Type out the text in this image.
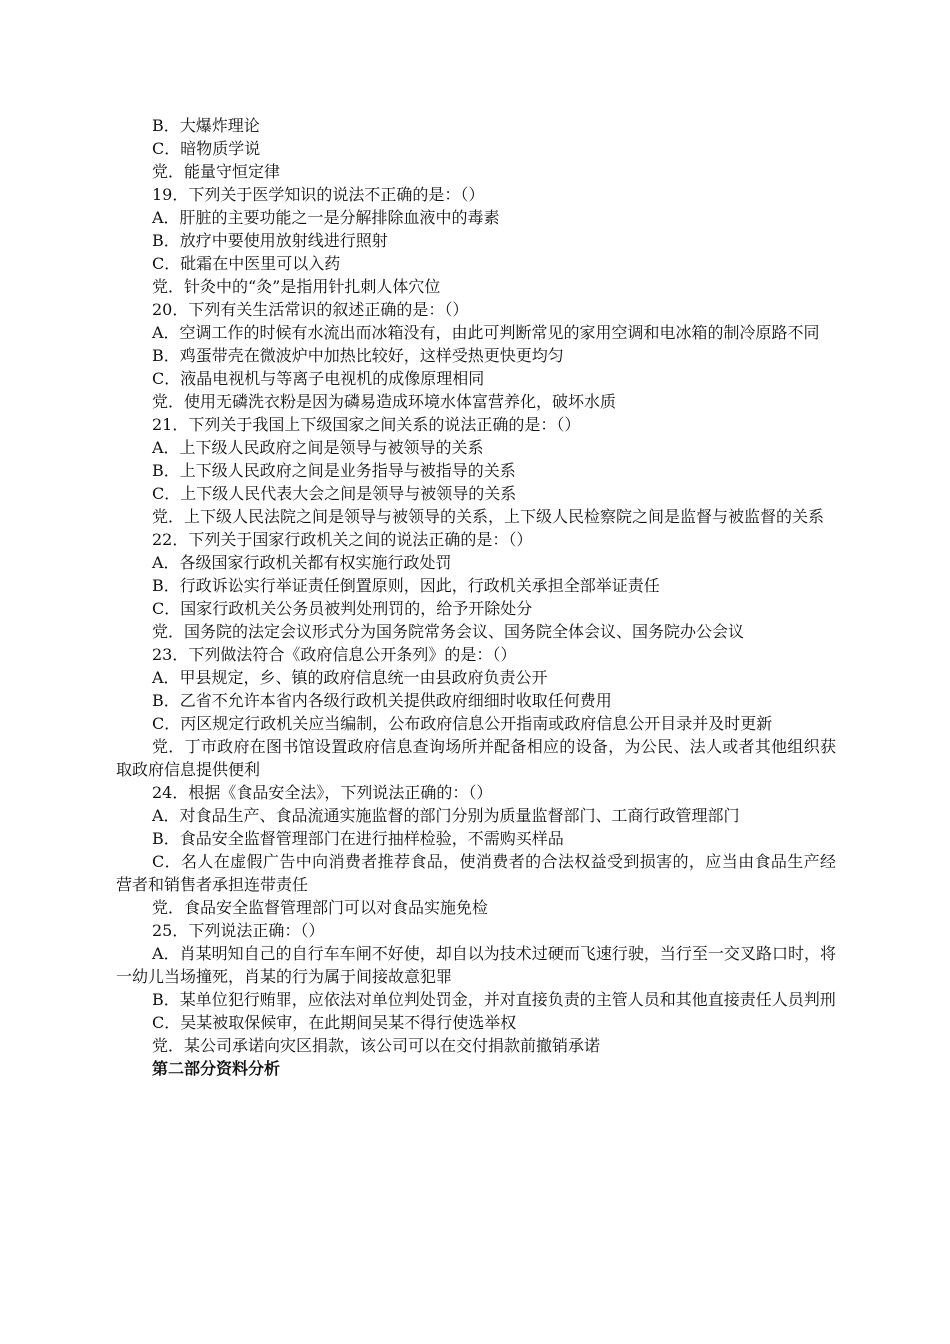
B．大爆炸理论

C．暗物质学说

党．能量守恒定律

19．下列关于医学知识的说法不正确的是：（）

A．肝脏的主要功能之一是分解排除血液中的毒素

B．放疗中要使用放射线进行照射

C．砒霜在中医里可以入药

党．针灸中的“灸”是指用针扎刺人体穴位

20．下列有关生活常识的叙述正确的是：（）

A．空调工作的时候有水流出而冰箱没有，由此可判断常见的家用空调和电冰箱的制冷原路不同

B．鸡蛋带壳在微波炉中加热比较好，这样受热更快更均匀

C．液晶电视机与等离子电视机的成像原理相同

党．使用无磷洗衣粉是因为磷易造成环境水体富营养化，破坏水质

21．下列关于我国上下级国家之间关系的说法正确的是：（）

A．上下级人民政府之间是领导与被领导的关系

B．上下级人民政府之间是业务指导与被指导的关系

C．上下级人民代表大会之间是领导与被领导的关系

党．上下级人民法院之间是领导与被领导的关系，上下级人民检察院之间是监督与被监督的关系

22．下列关于国家行政机关之间的说法正确的是：（）

A．各级国家行政机关都有权实施行政处罚

B．行政诉讼实行举证责任倒置原则，因此，行政机关承担全部举证责任

C．国家行政机关公务员被判处刑罚的，给予开除处分

党．国务院的法定会议形式分为国务院常务会议、国务院全体会议、国务院办公会议

23．下列做法符合《政府信息公开条列》的是：（）

A．甲县规定，乡、镇的政府信息统一由县政府负责公开

B．乙省不允许本省内各级行政机关提供政府细细时收取任何费用

C．丙区规定行政机关应当编制，公布政府信息公开指南或政府信息公开目录并及时更新

党．丁市政府在图书馆设置政府信息查询场所并配备相应的设备，为公民、法人或者其他组织获取政府信息提供便利

24．根据《食品安全法》，下列说法正确的：（）

A．对食品生产、食品流通实施监督的部门分别为质量监督部门、工商行政管理部门

B．食品安全监督管理部门在进行抽样检验，不需购买样品

C．名人在虚假广告中向消费者推荐食品，使消费者的合法权益受到损害的，应当由食品生产经营者和销售者承担连带责任

党．食品安全监督管理部门可以对食品实施免检

25．下列说法正确：（）

A．肖某明知自己的自行车车闸不好使，却自以为技术过硬而飞速行驶，当行至一交叉路口时，将一幼儿当场撞死，肖某的行为属于间接故意犯罪

B．某单位犯行贿罪，应依法对单位判处罚金，并对直接负责的主管人员和其他直接责任人员判刑

C．吴某被取保候审，在此期间吴某不得行使选举权

党．某公司承诺向灾区捐款，该公司可以在交付捐款前撤销承诺

第二部分资料分析
